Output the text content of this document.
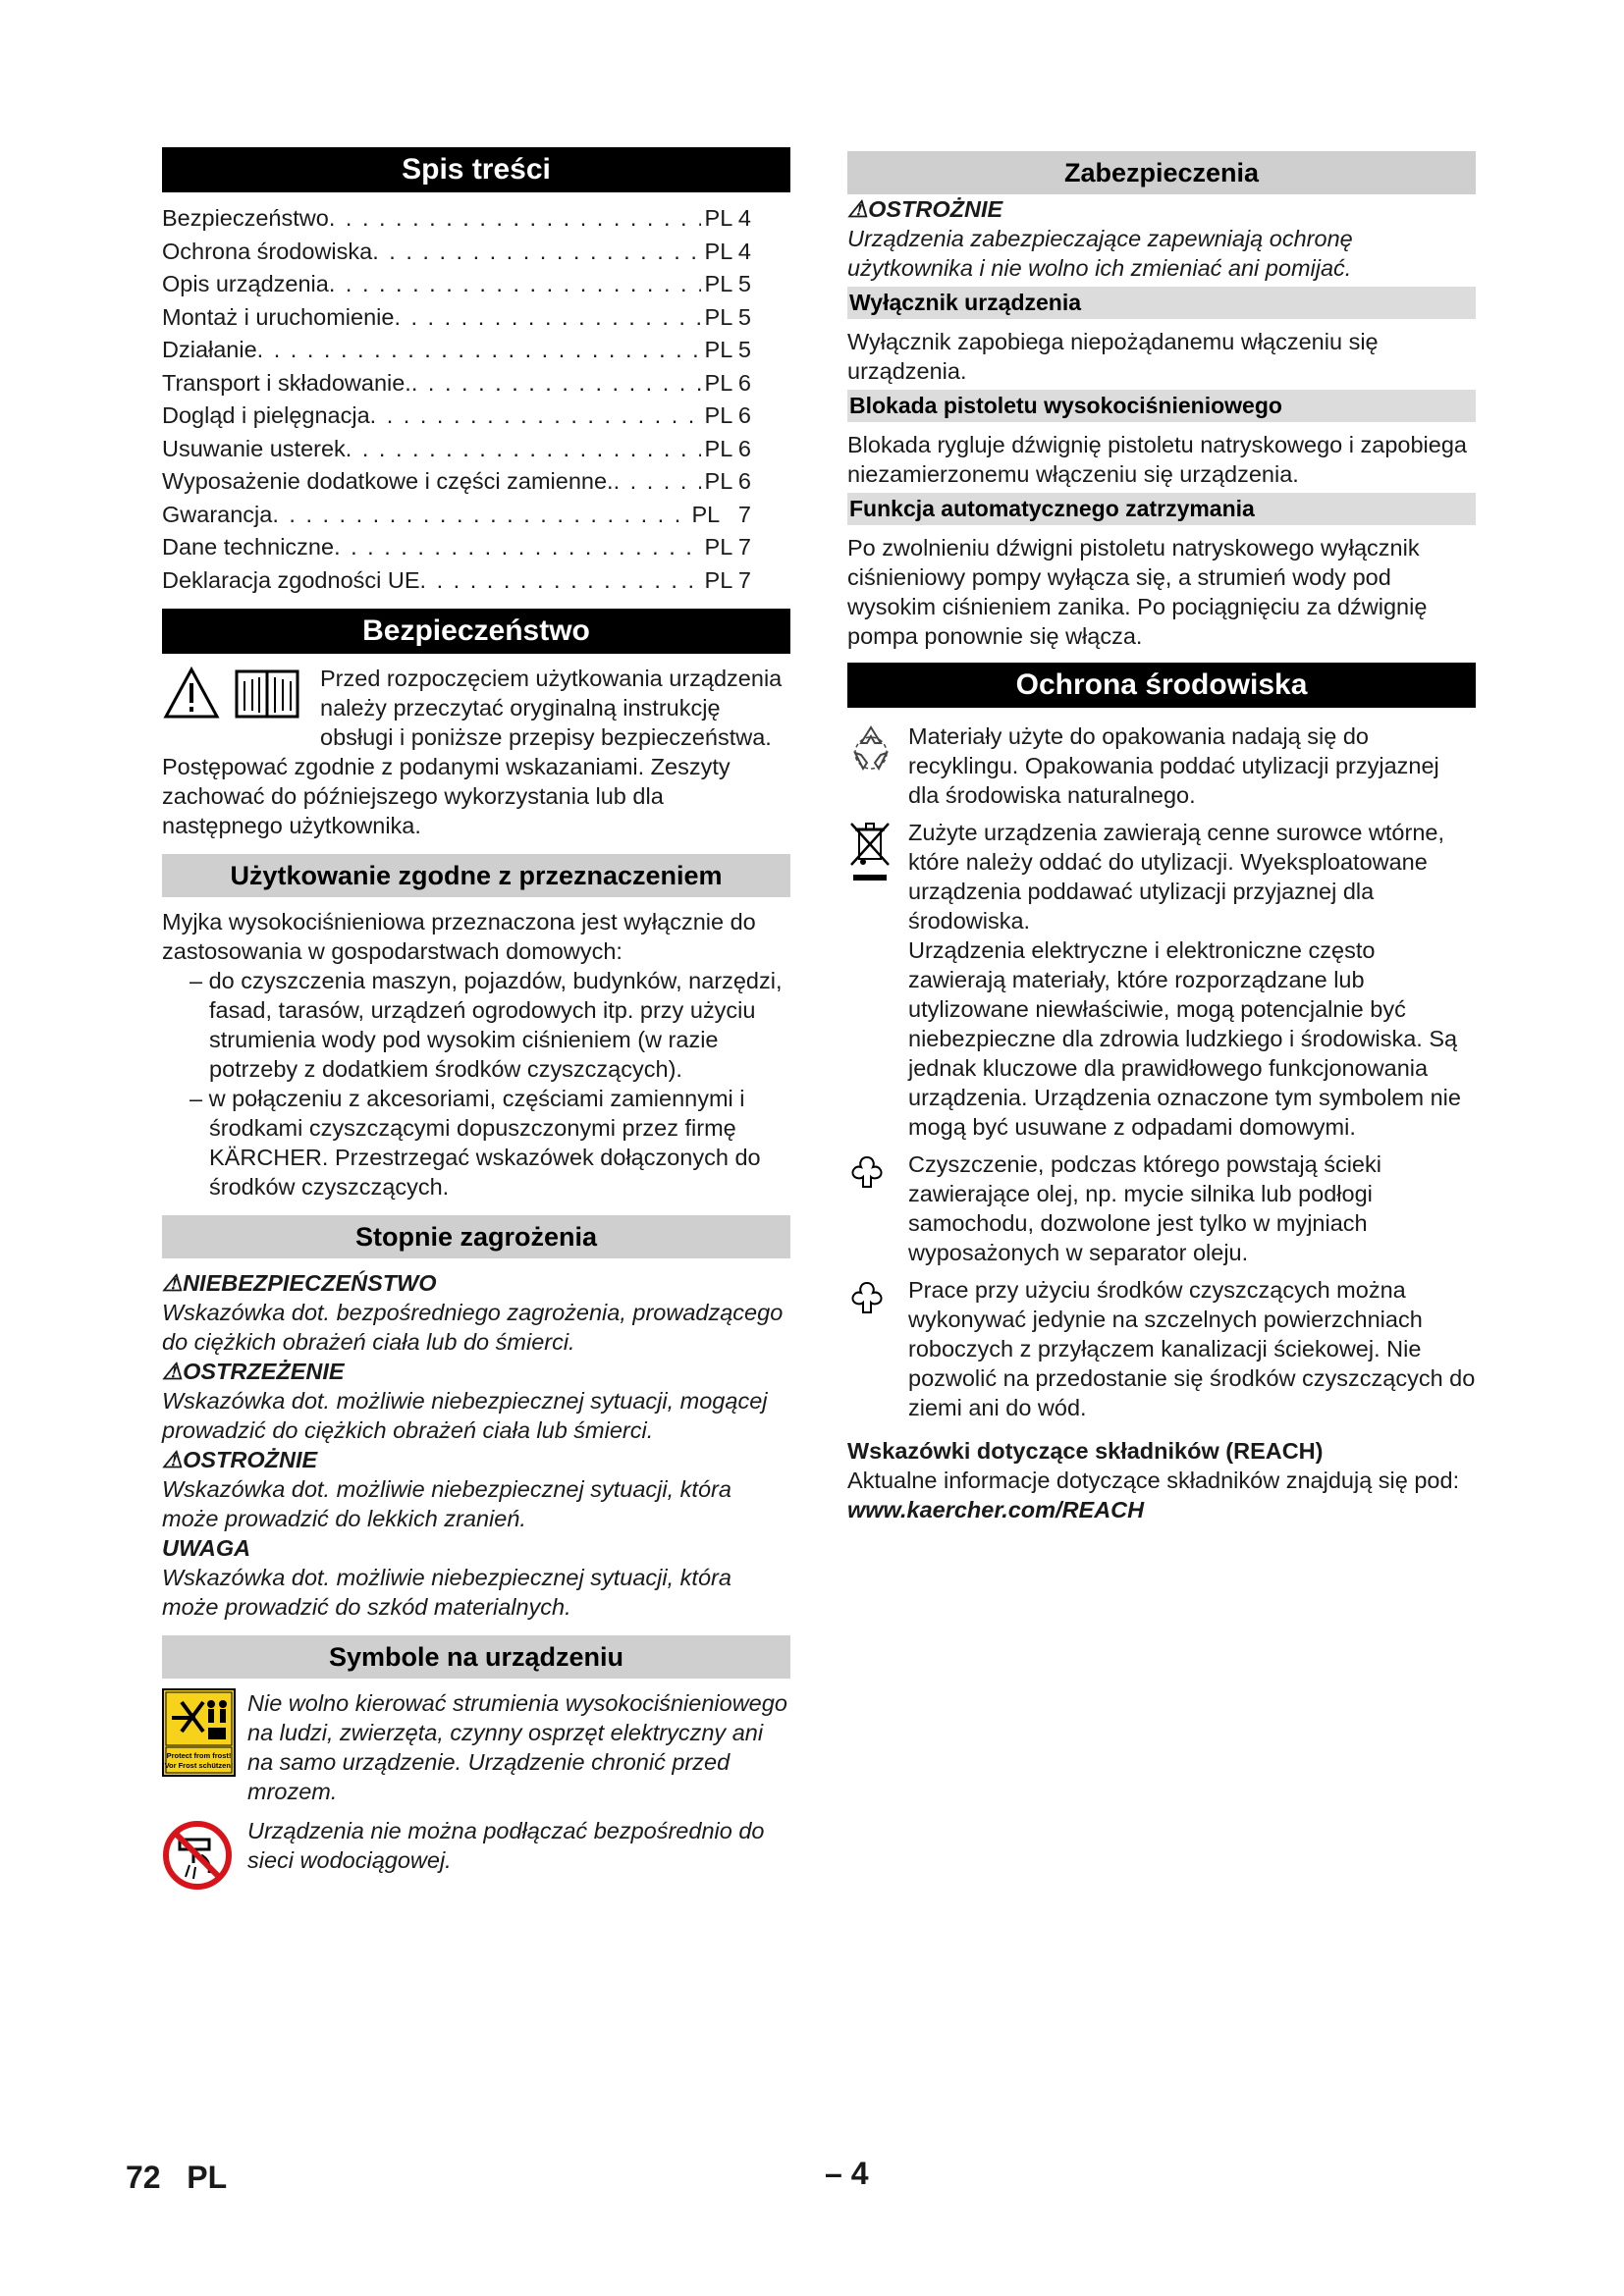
Spis treści
Bezpieczeństwo . . .	PL 4
Ochrona środowiska . . .	PL 4
Opis urządzenia . . .	PL 5
Montaż i uruchomienie . . .	PL 5
Działanie . . .	PL 5
Transport i składowanie. . . .	PL 6
Dogląd i pielęgnacja . . .	PL 6
Usuwanie usterek . . .	PL 6
Wyposażenie dodatkowe i części zamienne. . . .	PL 6
Gwarancja . . .	PL   7
Dane techniczne . . .	PL 7
Deklaracja zgodności UE . . .	PL 7
Bezpieczeństwo

Przed rozpoczęciem użytkowania urządzenia należy przeczytać oryginalną instrukcję obsługi i poniższe przepisy bezpieczeństwa. Postępować zgodnie z podanymi wskazaniami. Zeszyty zachować do późniejszego wykorzystania lub dla następnego użytkownika.

Użytkowanie zgodne z przeznaczeniem

Myjka wysokociśnieniowa przeznaczona jest wyłącznie do zastosowania w gospodarstwach domowych:

– do czyszczenia maszyn, pojazdów, budynków, narzędzi, fasad, tarasów, urządzeń ogrodowych itp. przy użyciu strumienia wody pod wysokim ciśnieniem (w razie potrzeby z dodatkiem środków czyszczących).
– w połączeniu z akcesoriami, częściami zamiennymi i środkami czyszczącymi dopuszczonymi przez firmę KÄRCHER. Przestrzegać wskazówek dołączonych do środków czyszczących.
Stopnie zagrożenia
⚠NIEBEZPIECZEŃSTWO

Wskazówka dot. bezpośredniego zagrożenia, prowadzącego do ciężkich obrażeń ciała lub do śmierci.

⚠OSTRZEŻENIE

Wskazówka dot. możliwie niebezpiecznej sytuacji, mogącej prowadzić do ciężkich obrażeń ciała lub śmierci.

⚠OSTROŻNIE

Wskazówka dot. możliwie niebezpiecznej sytuacji, która może prowadzić do lekkich zranień.

UWAGA

Wskazówka dot. możliwie niebezpiecznej sytuacji, która może prowadzić do szkód materialnych.

Symbole na urządzeniu
Protect from frost!
Vor Frost schützen!
Nie wolno kierować strumienia wysokociśnieniowego na ludzi, zwierzęta, czynny osprzęt elektryczny ani na samo urządzenie. Urządzenie chronić przed mrozem.
Urządzenia nie można podłączać bezpośrednio do sieci wodociągowej.
Zabezpieczenia
⚠OSTROŻNIE

Urządzenia zabezpieczające zapewniają ochronę użytkownika i nie wolno ich zmieniać ani pomijać.

Wyłącznik urządzenia

Wyłącznik zapobiega niepożądanemu włączeniu się urządzenia.

Blokada pistoletu wysokociśnieniowego

Blokada rygluje dźwignię pistoletu natryskowego i zapobiega niezamierzonemu włączeniu się urządzenia.

Funkcja automatycznego zatrzymania

Po zwolnieniu dźwigni pistoletu natryskowego wyłącznik ciśnieniowy pompy wyłącza się, a strumień wody pod wysokim ciśnieniem zanika. Po pociągnięciu za dźwignię pompa ponownie się włącza.

Ochrona środowiska
Materiały użyte do opakowania nadają się do recyklingu. Opakowania poddać utylizacji przyjaznej dla środowiska naturalnego.
Zużyte urządzenia zawierają cenne surowce wtórne, które należy oddać do utylizacji. Wyeksploatowane urządzenia poddawać utylizacji przyjaznej dla środowiska.
Urządzenia elektryczne i elektroniczne często zawierają materiały, które rozporządzane lub utylizowane niewłaściwie, mogą potencjalnie być niebezpieczne dla zdrowia ludzkiego i środowiska. Są jednak kluczowe dla prawidłowego funkcjonowania urządzenia. Urządzenia oznaczone tym symbolem nie mogą być usuwane z odpadami domowymi.
Czyszczenie, podczas którego powstają ścieki zawierające olej, np. mycie silnika lub podłogi samochodu, dozwolone jest tylko w myjniach wyposażonych w separator oleju.
Prace przy użyciu środków czyszczących można wykonywać jedynie na szczelnych powierzchniach roboczych z przyłączem kanalizacji ściekowej. Nie pozwolić na przedostanie się środków czyszczących do ziemi ani do wód.
Wskazówki dotyczące składników (REACH)

Aktualne informacje dotyczące składników znajdują się pod:

www.kaercher.com/REACH
72   PL	– 4
